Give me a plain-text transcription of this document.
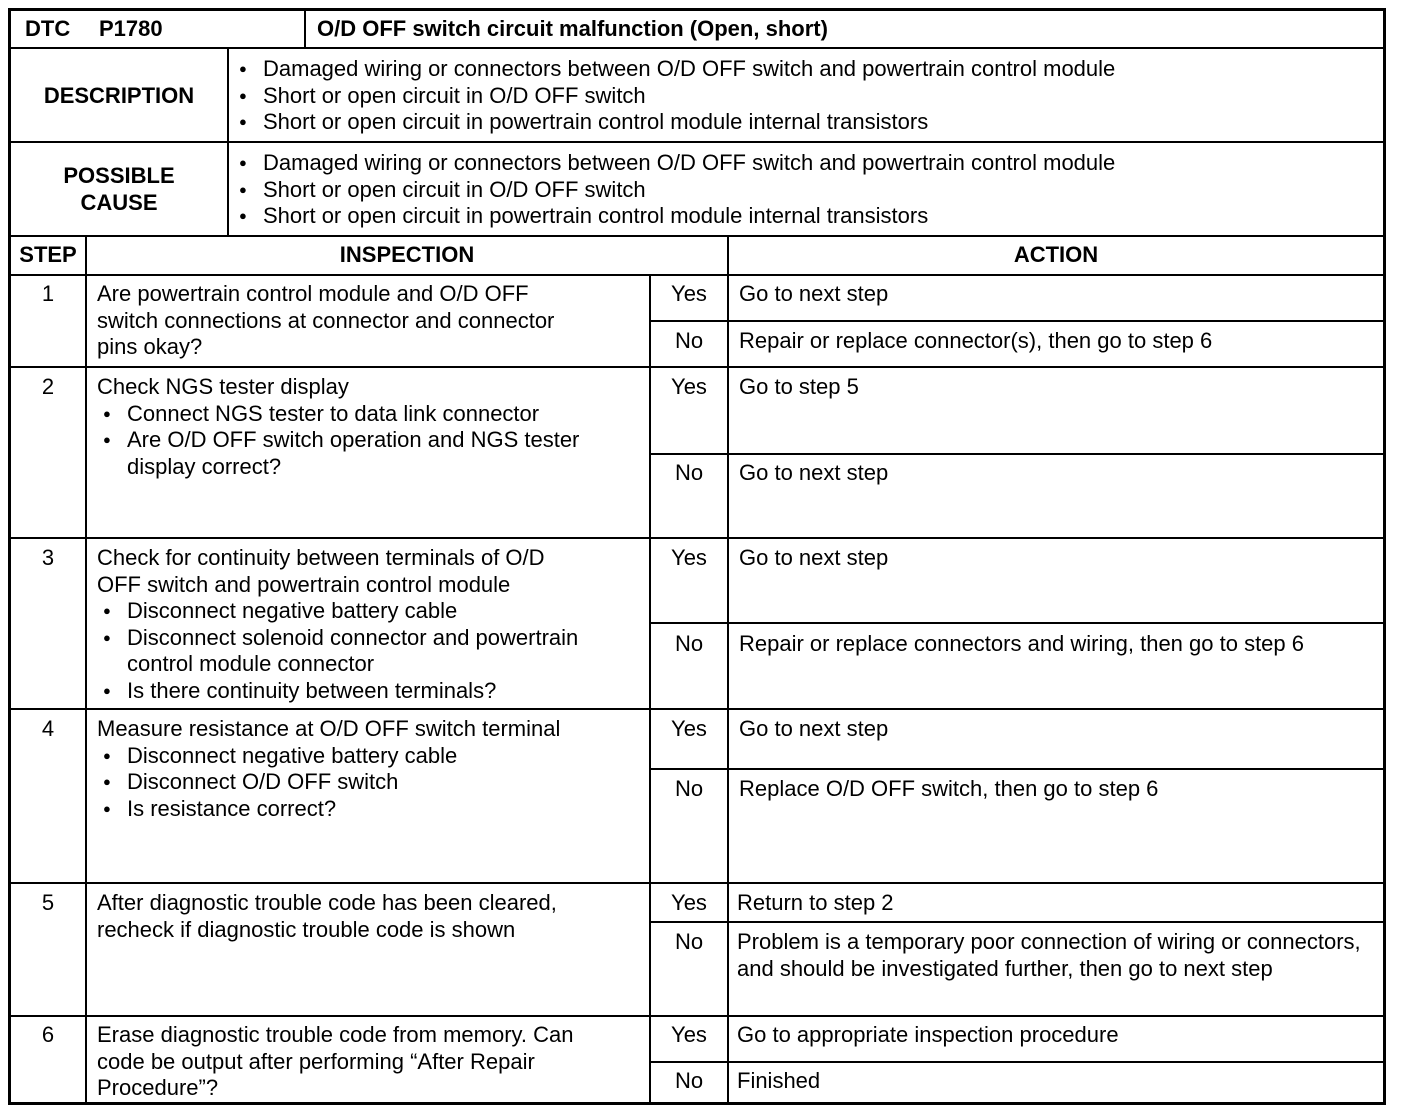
DTC P1780	O/D OFF switch circuit malfunction (Open, short)
DESCRIPTION
● Damaged wiring or connectors between O/D OFF switch and powertrain control module
● Short or open circuit in O/D OFF switch
● Short or open circuit in powertrain control module internal transistors
POSSIBLE
CAUSE
● Damaged wiring or connectors between O/D OFF switch and powertrain control module
● Short or open circuit in O/D OFF switch
● Short or open circuit in powertrain control module internal transistors
STEP	INSPECTION	ACTION
1	Are powertrain control module and O/D OFF
switch connections at connector and connector
pins okay?
Yes	Go to next step
No	Repair or replace connector(s), then go to step 6
2	Check NGS tester display
● Connect NGS tester to data link connector
● Are O/D OFF switch operation and NGS tester display correct?
Yes	Go to step 5
No	Go to next step
3	Check for continuity between terminals of O/D
OFF switch and powertrain control module
● Disconnect negative battery cable
● Disconnect solenoid connector and powertrain control module connector
● Is there continuity between terminals?
Yes	Go to next step
No	Repair or replace connectors and wiring, then go to step 6
4	Measure resistance at O/D OFF switch terminal
● Disconnect negative battery cable
● Disconnect O/D OFF switch
● Is resistance correct?
Yes	Go to next step
No	Replace O/D OFF switch, then go to step 6
5	After diagnostic trouble code has been cleared,
recheck if diagnostic trouble code is shown
Yes	Return to step 2
No	Problem is a temporary poor connection of wiring or connectors, and should be investigated further, then go to next step
6	Erase diagnostic trouble code from memory. Can
code be output after performing “After Repair
Procedure”?
Yes	Go to appropriate inspection procedure
No	Finished
